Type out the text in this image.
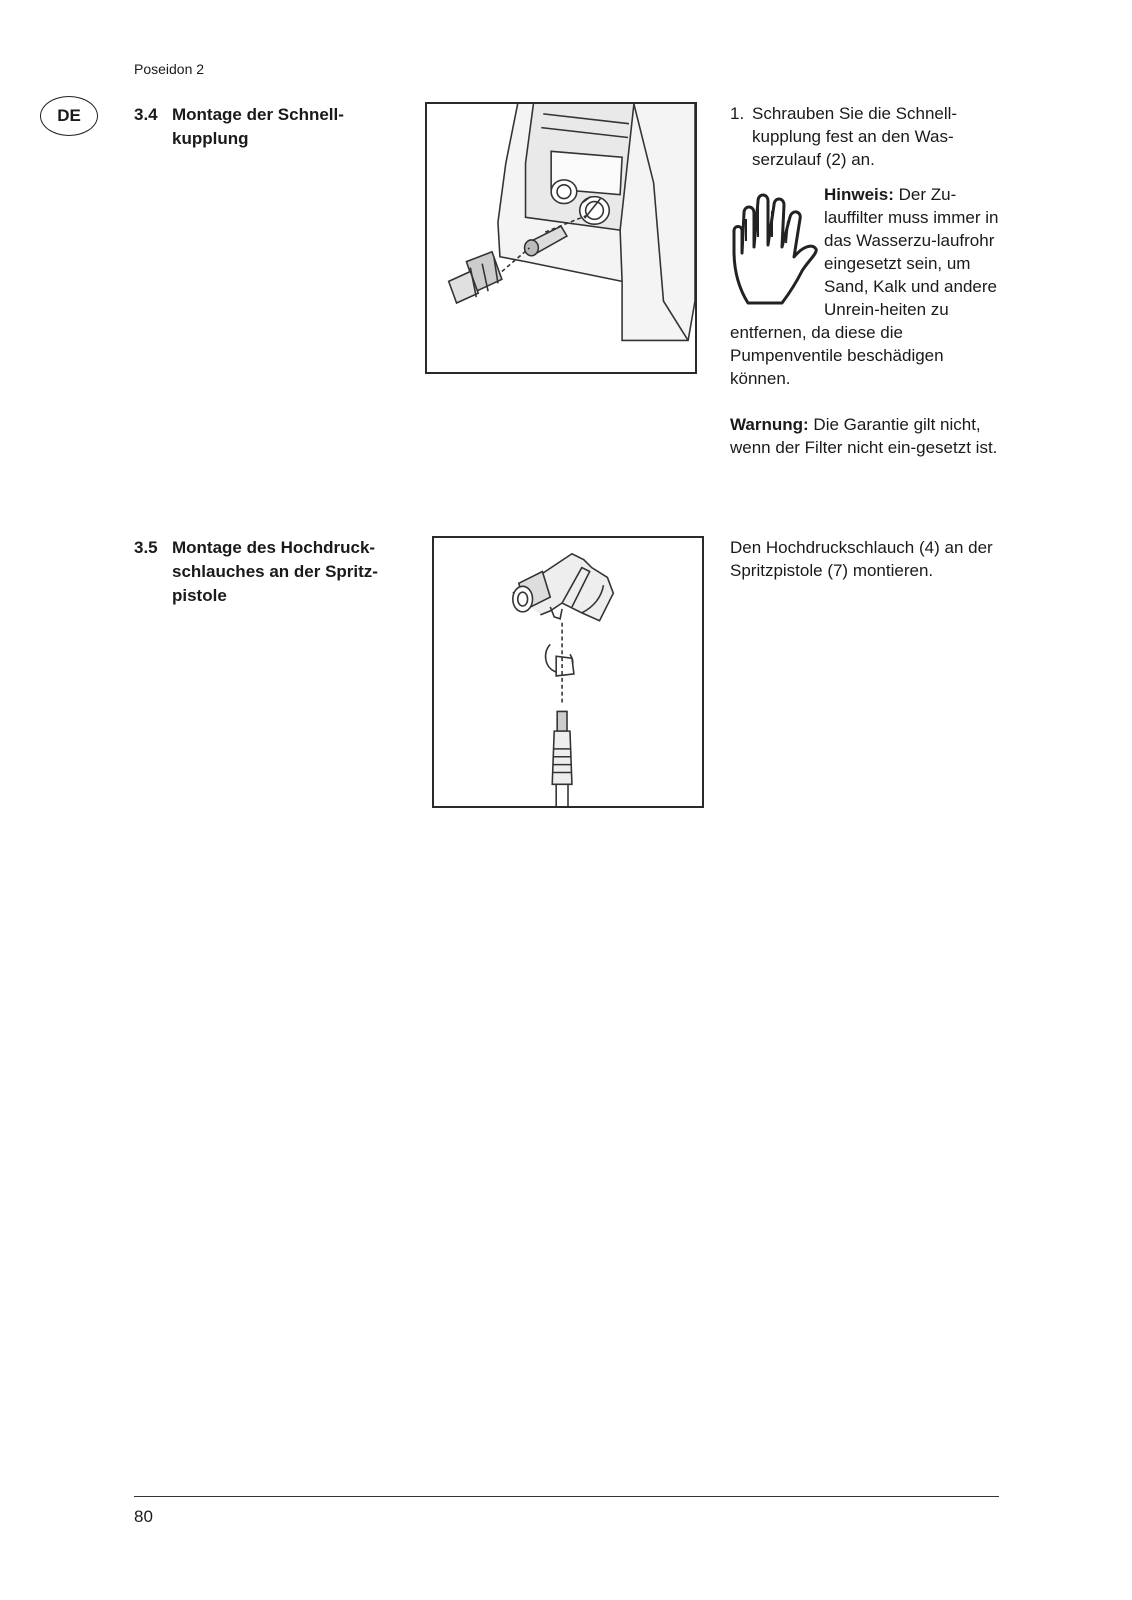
Poseidon 2
DE	3.4 Montage der Schnell-kupplung
1. Schrauben Sie die Schnell-kupplung fest an den Was-serzulauf (2) an.
Hinweis: Der Zu-lauffilter muss immer in das Wasserzu-laufrohr eingesetzt sein, um Sand, Kalk und andere Unrein-heiten zu entfernen, da diese die Pumpenventile beschädigen können.
Warnung: Die Garantie gilt nicht, wenn der Filter nicht ein-gesetzt ist.
3.5 Montage des Hochdruck-schlauches an der Spritz-pistole
Den Hochdruckschlauch (4) an der Spritzpistole (7) montieren.
80
